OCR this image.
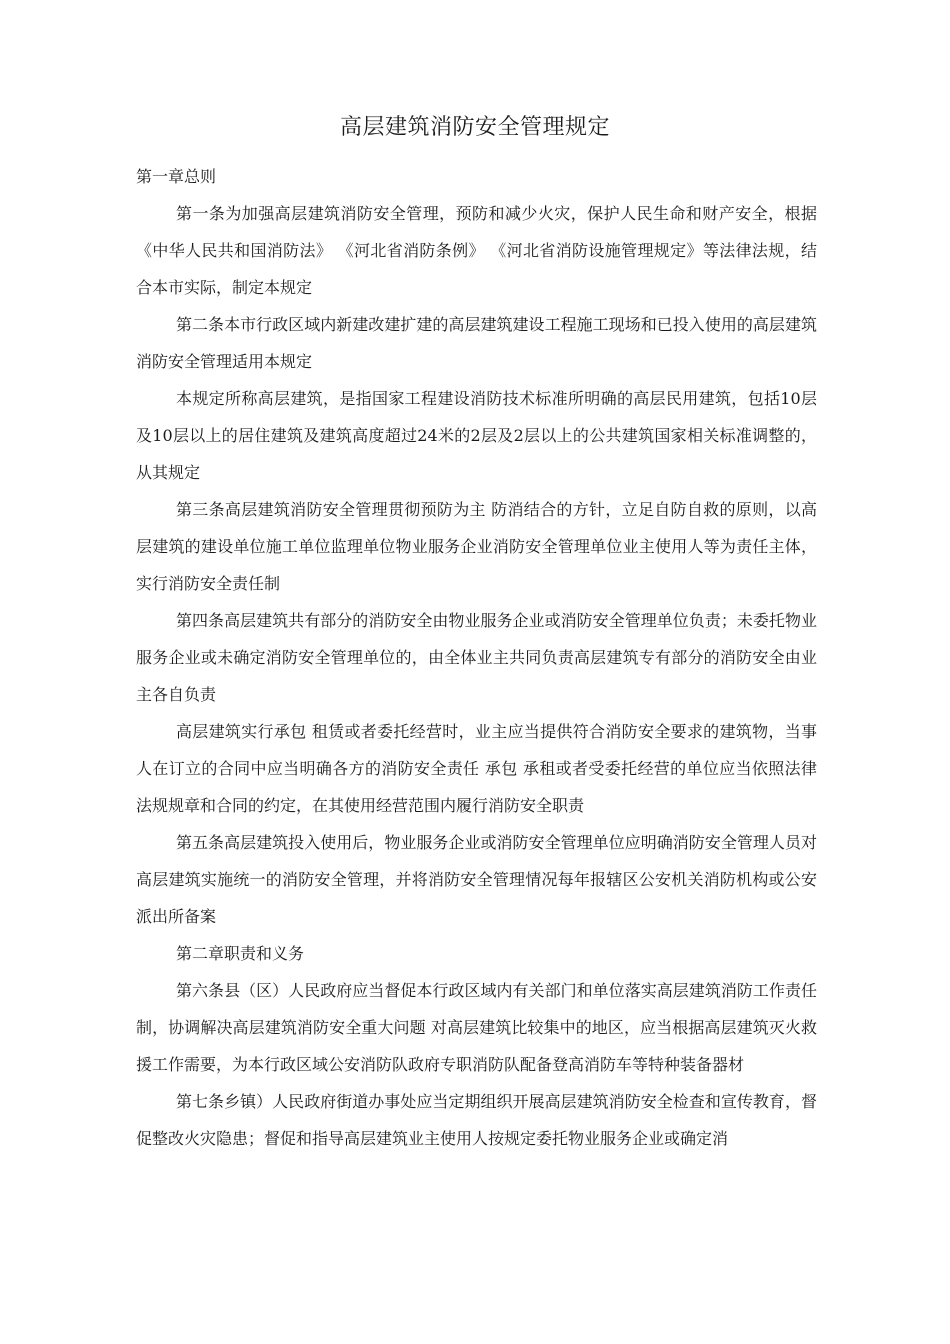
高层建筑消防安全管理规定

第一章总则

第一条为加强高层建筑消防安全管理，预防和减少火灾，保护人民生命和财产安全，根据《中华人民共和国消防法》 《河北省消防条例》 《河北省消防设施管理规定》等法律法规，结合本市实际，制定本规定

第二条本市行政区域内新建改建扩建的高层建筑建设工程施工现场和已投入使用的高层建筑消防安全管理适用本规定

本规定所称高层建筑，是指国家工程建设消防技术标准所明确的高层民用建筑，包括10层及10层以上的居住建筑及建筑高度超过24米的2层及2层以上的公共建筑国家相关标准调整的，从其规定

第三条高层建筑消防安全管理贯彻预防为主 防消结合的方针，立足自防自救的原则，以高层建筑的建设单位施工单位监理单位物业服务企业消防安全管理单位业主使用人等为责任主体，实行消防安全责任制

第四条高层建筑共有部分的消防安全由物业服务企业或消防安全管理单位负责；未委托物业服务企业或未确定消防安全管理单位的，由全体业主共同负责高层建筑专有部分的消防安全由业主各自负责

高层建筑实行承包 租赁或者委托经营时，业主应当提供符合消防安全要求的建筑物，当事人在订立的合同中应当明确各方的消防安全责任 承包 承租或者受委托经营的单位应当依照法律法规规章和合同的约定，在其使用经营范围内履行消防安全职责

第五条高层建筑投入使用后，物业服务企业或消防安全管理单位应明确消防安全管理人员对高层建筑实施统一的消防安全管理，并将消防安全管理情况每年报辖区公安机关消防机构或公安派出所备案

第二章职责和义务

第六条县（区）人民政府应当督促本行政区域内有关部门和单位落实高层建筑消防工作责任制，协调解决高层建筑消防安全重大问题 对高层建筑比较集中的地区，应当根据高层建筑灭火救援工作需要，为本行政区域公安消防队政府专职消防队配备登高消防车等特种装备器材

第七条乡镇）人民政府街道办事处应当定期组织开展高层建筑消防安全检查和宣传教育，督促整改火灾隐患；督促和指导高层建筑业主使用人按规定委托物业服务企业或确定消
